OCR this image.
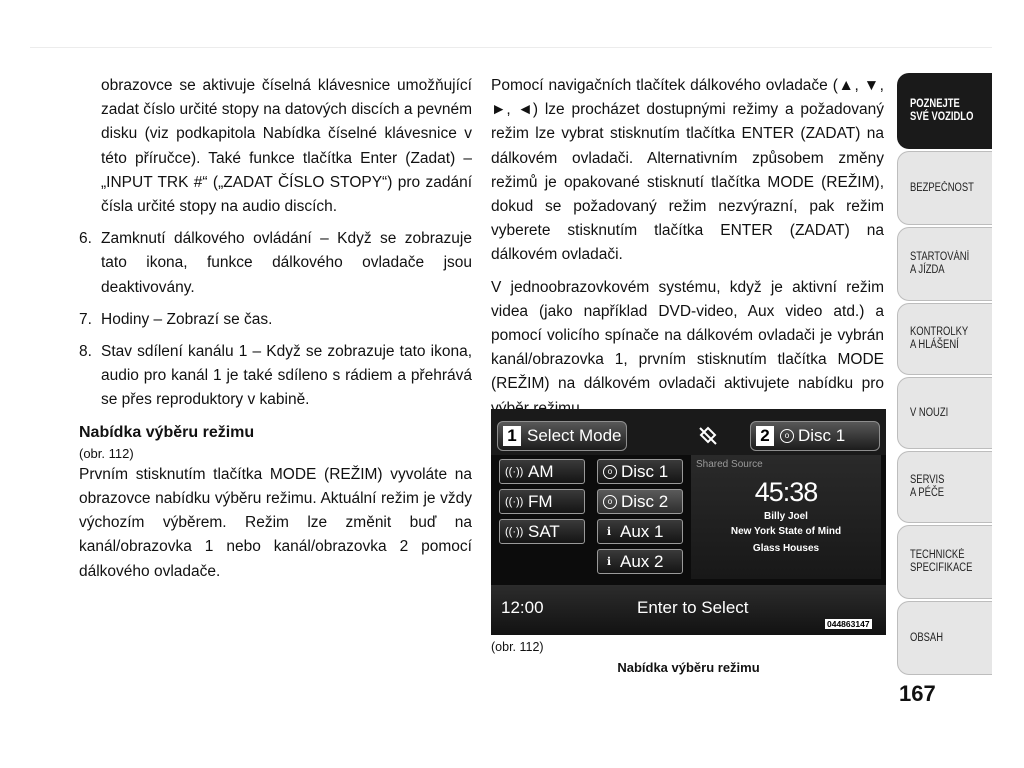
obrazovce se aktivuje číselná klávesnice umožňující zadat číslo určité stopy na datových discích a pevném disku (viz podkapitola Nabídka číselné klávesnice v této příručce). Také funkce tlačítka Enter (Zadat) – „INPUT TRK #“ („ZADAT ČÍSLO STOPY“) pro zadání čísla určité stopy na audio discích.

6. Zamknutí dálkového ovládání – Když se zobrazuje tato ikona, funkce dálkového ovladače jsou deaktivovány.

7. Hodiny – Zobrazí se čas.

8. Stav sdílení kanálu 1 – Když se zobrazuje tato ikona, audio pro kanál 1 je také sdíleno s rádiem a přehrává se přes reproduktory v kabině.

Nabídka výběru režimu

(obr. 112)

Prvním stisknutím tlačítka MODE (REŽIM) vyvoláte na obrazovce nabídku výběru režimu. Aktuální režim je vždy výchozím výběrem. Režim lze změnit buď na kanál/obrazovka 1 nebo kanál/obrazovka 2 pomocí dálkového ovladače.

Pomocí navigačních tlačítek dálkového ovladače (▲, ▼, ►, ◄) lze procházet dostupnými režimy a požadovaný režim lze vybrat stisknutím tlačítka ENTER (ZADAT) na dálkovém ovladači. Alternativním způsobem změny režimů je opakované stisknutí tlačítka MODE (REŽIM), dokud se požadovaný režim nezvýrazní, pak režim vyberete stisknutím tlačítka ENTER (ZADAT) na dálkovém ovladači.

V jednoobrazovkovém systému, když je aktivní režim videa (jako například DVD-video, Aux video atd.) a pomocí volicího spínače na dálkovém ovladači je vybrán kanál/obrazovka 1, prvním stisknutím tlačítka MODE (REŽIM) na dálkovém ovladači aktivujete nabídku pro

1 Select Mode	2	o Disc 1
((·)) AM
((·)) FM
((·)) SAT
o Disc 1
o Disc 2
ℹ Aux 1
ℹ Aux 2
Shared Source
45:38
Billy Joel
New York State of Mind
Glass Houses
12:00	Enter to Select
044863147
(obr. 112)
Nabídka výběru režimu
POZNEJTE
SVÉ VOZIDLO
BEZPEČNOST
STARTOVÁNÍ
A JÍZDA
KONTROLKY
A HLÁŠENÍ
V NOUZI
SERVIS
A PÉČE
TECHNICKÉ
SPECIFIKACE
OBSAH
167
